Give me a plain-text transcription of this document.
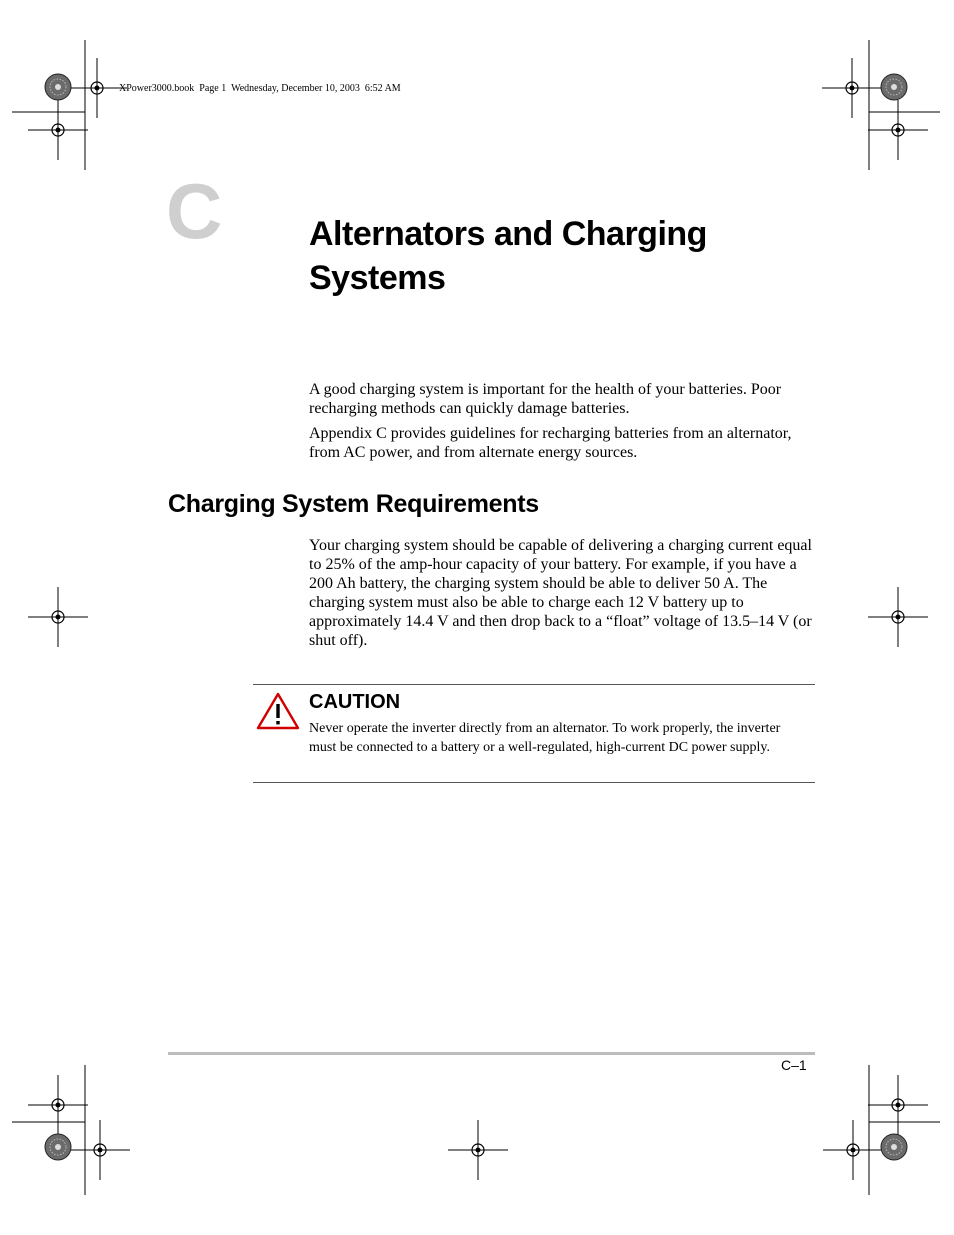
XPower3000.book Page 1 Wednesday, December 10, 2003 6:52 AM
C	Alternators and Charging
Systems
A good charging system is important for the health of your batteries. Poor recharging methods can quickly damage batteries.
Appendix C provides guidelines for recharging batteries from an alternator, from AC power, and from alternate energy sources.
Charging System Requirements
Your charging system should be capable of delivering a charging current equal to 25% of the amp-hour capacity of your battery. For example, if you have a 200 Ah battery, the charging system should be able to deliver 50 A. The charging system must also be able to charge each 12 V battery up to approximately 14.4 V and then drop back to a “float” voltage of 13.5–14 V (or shut off).
CAUTION
Never operate the inverter directly from an alternator. To work properly, the inverter must be connected to a battery or a well-regulated, high-current DC power supply.
C–1
